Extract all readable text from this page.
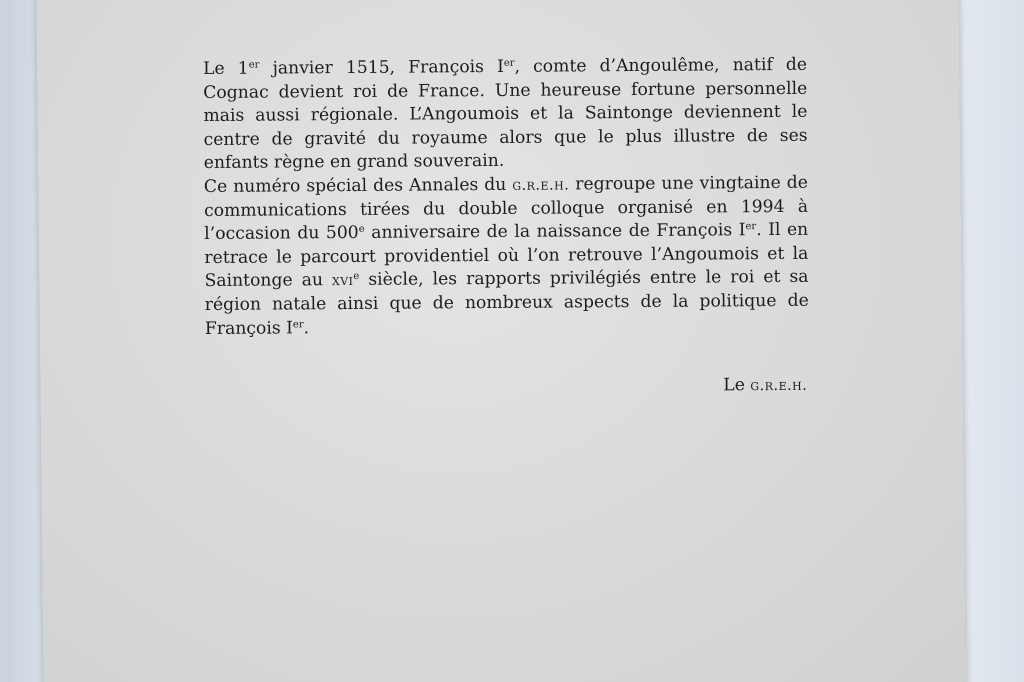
Le 1er janvier 1515, François Ier, comte d’Angoulême, natif de Cognac devient roi de France. Une heureuse fortune personnelle mais aussi régionale. L’Angoumois et la Saintonge deviennent le centre de gravité du royaume alors que le plus illustre de ses enfants règne en grand souverain.

Ce numéro spécial des Annales du g.r.e.h. regroupe une vingtaine de communications tirées du double colloque organisé en 1994 à l’occasion du 500e anniversaire de la naissance de François Ier. Il en retrace le parcourt providentiel où l’on retrouve l’Angoumois et la Saintonge au xvi$^e$ siècle, les rapports privilégiés entre le roi et sa région natale ainsi que de nombreux aspects de la politique de François Ier.

Le g.r.e.h.
